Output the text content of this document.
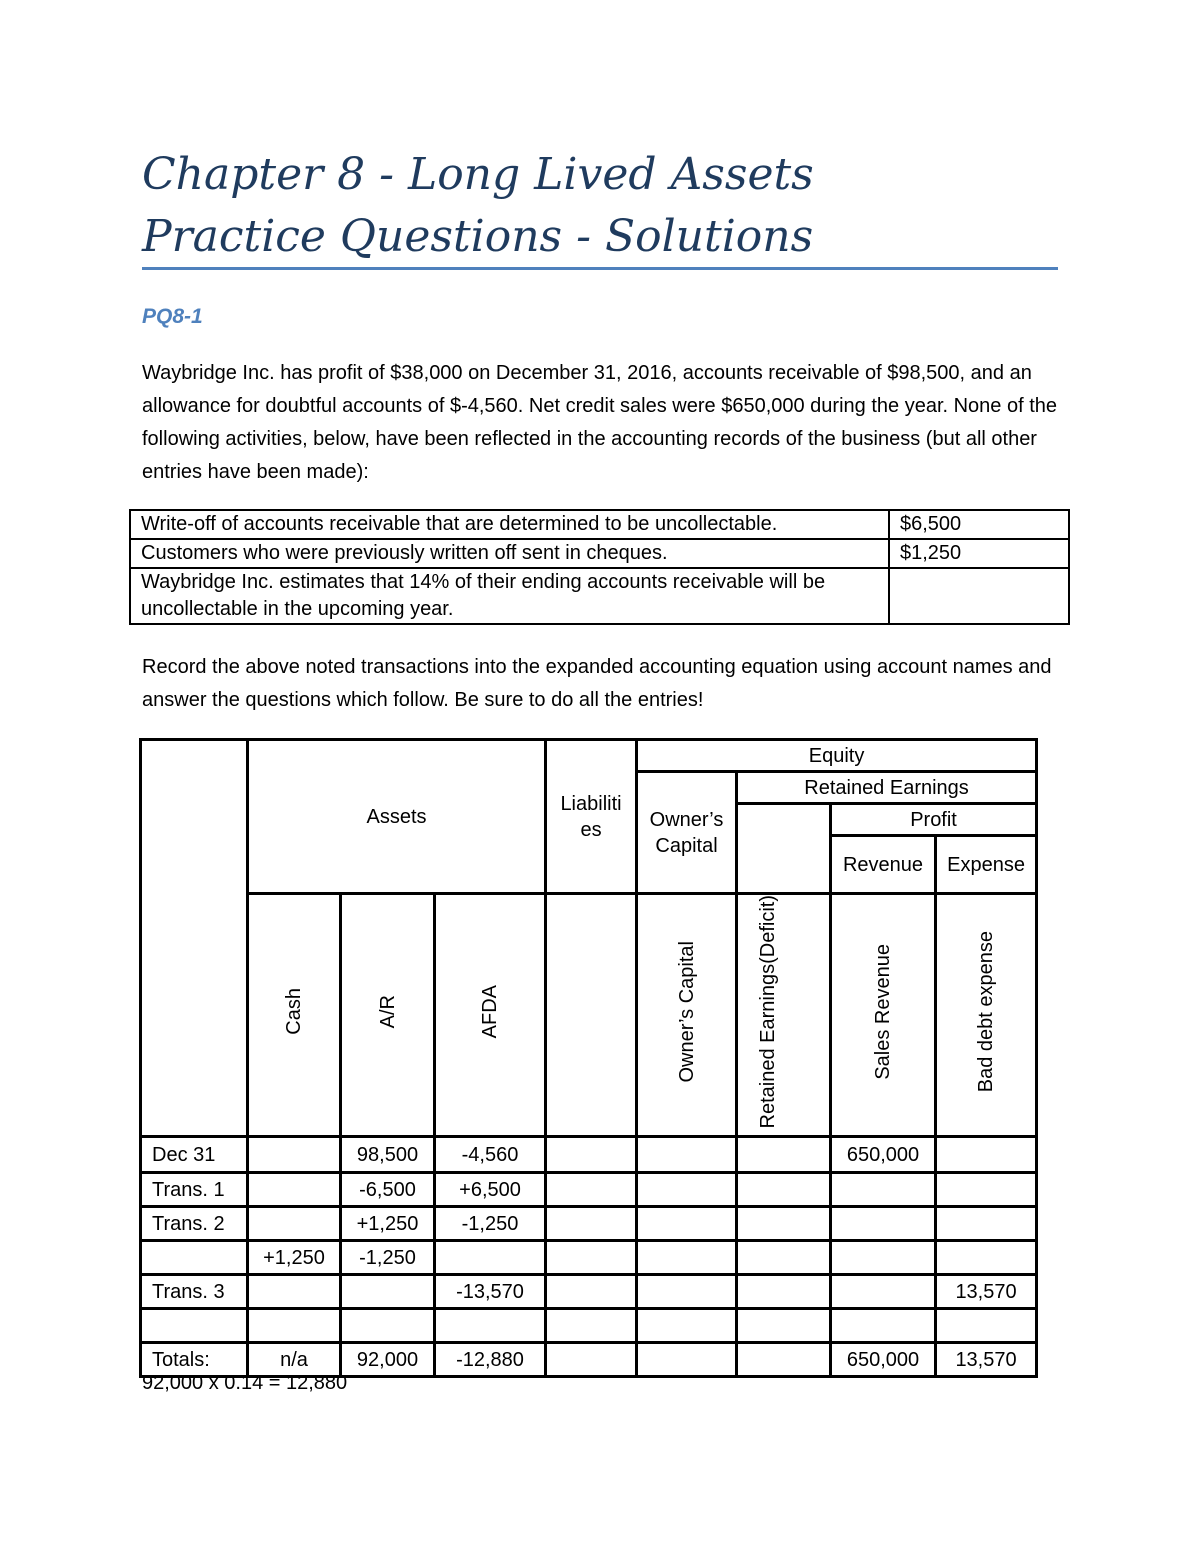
Chapter 8 - Long Lived Assets

Practice Questions - Solutions

PQ8-1

Waybridge Inc. has profit of $38,000 on December 31, 2016, accounts receivable of $98,500, and an allowance for doubtful accounts of $-4,560. Net credit sales were $650,000 during the year. None of the following activities, below, have been reflected in the accounting records of the business (but all other entries have been made):

Write-off of accounts receivable that are determined to be uncollectable.	$6,500
Customers who were previously written off sent in cheques.	$1,250
Waybridge Inc. estimates that 14% of their ending accounts receivable will be uncollectable in the upcoming year.	

Record the above noted transactions into the expanded accounting equation using account names and answer the questions which follow. Be sure to do all the entries!

	Assets			Liabiliti es	Equity			
					Owner’s Capital	Retained Earnings		
							Profit	
							Revenue	Expense
	Cash	A/R	AFDA		Owner’s Capital	Retained Earnings(Deficit)	Sales Revenue	Bad debt expense
Dec 31		98,500	-4,560				650,000	
Trans. 1		-6,500	+6,500					
Trans. 2		+1,250	-1,250					
	+1,250	-1,250						
Trans. 3			-13,570					13,570

Totals:	n/a	92,000	-12,880				650,000	13,570
92,000 x 0.14 = 12,880
